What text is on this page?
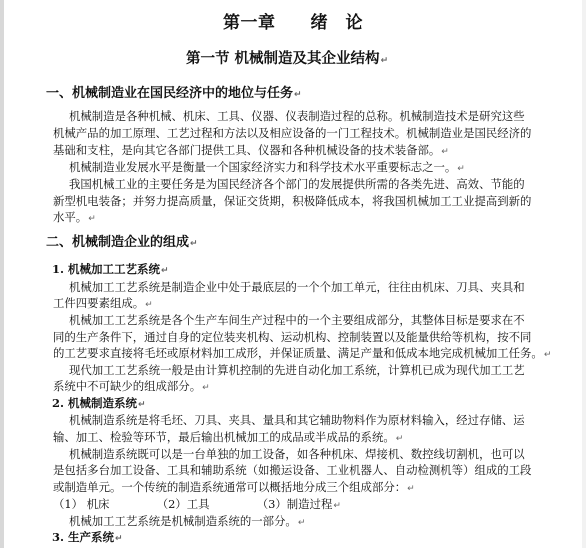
第一章　　绪　论
第一节 机械制造及其企业结构↵
一、机械制造业在国民经济中的地位与任务↵
机械制造是各种机械、机床、工具、仪器、仪表制造过程的总称。机械制造技术是研究这些
机械产品的加工原理、工艺过程和方法以及相应设备的一门工程技术。机械制造业是国民经济的
基础和支柱，是向其它各部门提供工具、仪器和各种机械设备的技术装备部。↵
机械制造业发展水平是衡量一个国家经济实力和科学技术水平重要标志之一。↵
我国机械工业的主要任务是为国民经济各个部门的发展提供所需的各类先进、高效、节能的
新型机电装备；并努力提高质量，保证交货期，积极降低成本，将我国机械加工工业提高到新的
水平。↵
二、机械制造企业的组成↵
1. 机械加工工艺系统↵
机械加工工艺系统是制造企业中处于最底层的一个个加工单元，往往由机床、刀具、夹具和
工件四要素组成。↵
机械加工工艺系统是各个生产车间生产过程中的一个主要组成部分，其整体目标是要求在不
同的生产条件下，通过自身的定位装夹机构、运动机构、控制装置以及能量供给等机构，按不同
的工艺要求直接将毛坯或原材料加工成形，并保证质量、满足产量和低成本地完成机械加工任务。↵
现代加工工艺系统一般是由计算机控制的先进自动化加工系统，计算机已成为现代加工工艺
系统中不可缺少的组成部分。↵
2. 机械制造系统↵
机械制造系统是将毛坯、刀具、夹具、量具和其它辅助物料作为原材料输入，经过存储、运
输、加工、检验等环节，最后输出机械加工的成品或半成品的系统。↵
机械制造系统既可以是一台单独的加工设备，如各种机床、焊接机、数控线切割机，也可以
是包括多台加工设备、工具和辅助系统（如搬运设备、工业机器人、自动检测机等）组成的工段
或制造单元。一个传统的制造系统通常可以概括地分成三个组成部分：↵
（1） 机床	（2）工具	（3）制造过程↵
机械加工工艺系统是机械制造系统的一部分。↵
3. 生产系统↵
